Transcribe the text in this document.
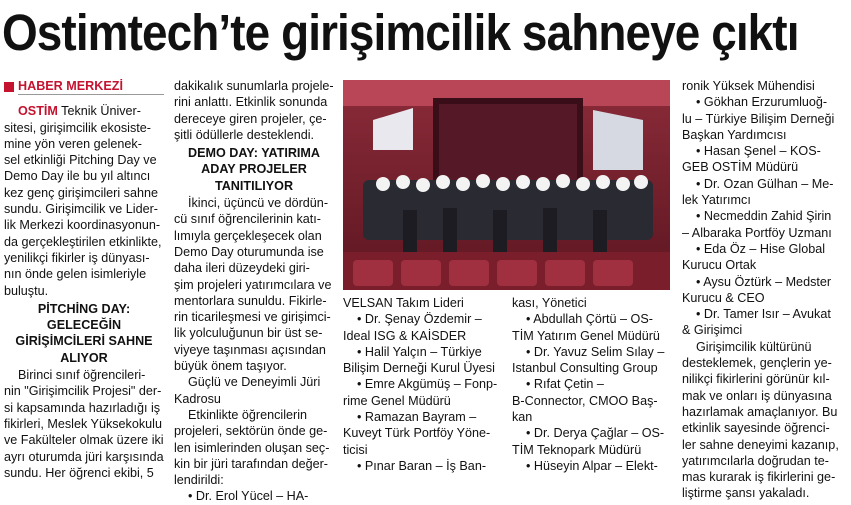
Ostimtech’te girişimcilik sahneye çıktı
HABER MERKEZİ

OSTİM Teknik Üniver-

sitesi, girişimcilik ekosiste-

mine yön veren gelenek-

sel etkinliği Pitching Day ve

Demo Day ile bu yıl altıncı

kez genç girişimcileri sahne

sundu. Girişimcilik ve Lider-

lik Merkezi koordinasyonun-

da gerçekleştirilen etkinlikte,

yenilikçi fikirler iş dünyası-

nın önde gelen isimleriyle

buluştu.

PİTCHİNG DAY:

GELECEĞİN

GİRİŞİMCİLERİ SAHNE

ALIYOR

Birinci sınıf öğrencileri-

nin "Girişimcilik Projesi" der-

si kapsamında hazırladığı iş

fikirleri, Meslek Yüksekokulu

ve Fakülteler olmak üzere iki

ayrı oturumda jüri karşısında

sundu. Her öğrenci ekibi, 5

dakikalık sunumlarla projele-

rini anlattı. Etkinlik sonunda

dereceye giren projeler, çe-

şitli ödüllerle desteklendi.

DEMO DAY: YATIRIMA

ADAY PROJELER

TANITILIYOR

İkinci, üçüncü ve dördün-

cü sınıf öğrencilerinin katı-

lımıyla gerçekleşecek olan

Demo Day oturumunda ise

daha ileri düzeydeki giri-

şim projeleri yatırımcılara ve

mentorlara sunuldu. Fikirle-

rin ticarileşmesi ve girişimci-

lik yolculuğunun bir üst se-

viyeye taşınması açısından

büyük önem taşıyor.

Güçlü ve Deneyimli Jüri

Kadrosu

Etkinlikte öğrencilerin

projeleri, sektörün önde ge-

len isimlerinden oluşan seç-

kin bir jüri tarafından değer-

lendirildi:

• Dr. Erol Yücel – HA-

VELSAN Takım Lideri

• Dr. Şenay Özdemir –

Ideal ISG & KAİSDER

• Halil Yalçın – Türkiye

Bilişim Derneği Kurul Üyesi

• Emre Akgümüş – Fonp-

rime Genel Müdürü

• Ramazan Bayram –

Kuveyt Türk Portföy Yöne-

ticisi

• Pınar Baran – İş Ban-

kası, Yönetici

• Abdullah Çörtü – OS-

TİM Yatırım Genel Müdürü

• Dr. Yavuz Selim Sılay –

Istanbul Consulting Group

• Rıfat Çetin –

B-Connector, CMOO Baş-

kan

• Dr. Derya Çağlar – OS-

TİM Teknopark Müdürü

• Hüseyin Alpar – Elekt-

ronik Yüksek Mühendisi

• Gökhan Erzurumluoğ-

lu – Türkiye Bilişim Derneği

Başkan Yardımcısı

• Hasan Şenel – KOS-

GEB OSTİM Müdürü

• Dr. Ozan Gülhan – Me-

lek Yatırımcı

• Necmeddin Zahid Şirin

– Albaraka Portföy Uzmanı

• Eda Öz – Hise Global

Kurucu Ortak

• Aysu Öztürk – Medster

Kurucu & CEO

• Dr. Tamer Isır – Avukat

& Girişimci

Girişimcilik kültürünü

desteklemek, gençlerin ye-

nilikçi fikirlerini görünür kıl-

mak ve onları iş dünyasına

hazırlamak amaçlanıyor. Bu

etkinlik sayesinde öğrenci-

ler sahne deneyimi kazanıp,

yatırımcılarla doğrudan te-

mas kurarak iş fikirlerini ge-

liştirme şansı yakaladı.
